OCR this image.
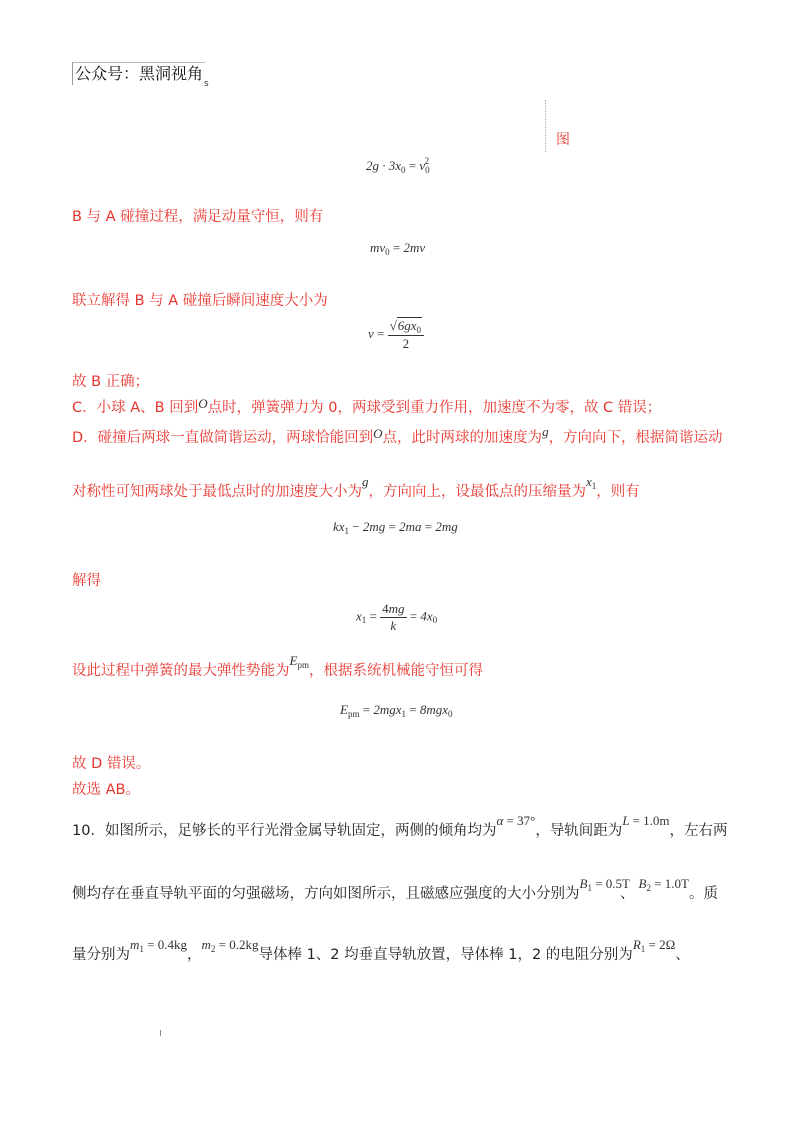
公众号：黑洞视角
s
图
$2g \cdot 3x_0 = v_0^2$
B 与 A 碰撞过程，满足动量守恒，则有
$mv_0 = 2mv$
联立解得 B 与 A 碰撞后瞬间速度大小为
$v = \frac{√6gx_0}{2}$
故 B 正确；
C．小球 A、B 回到O点时，弹簧弹力为 0，两球受到重力作用，加速度不为零，故 C 错误；
D．碰撞后两球一直做简谐运动，两球恰能回到O点，此时两球的加速度为g，方向向下，根据简谐运动
对称性可知两球处于最低点时的加速度大小为g，方向向上，设最低点的压缩量为$x_1$，则有
$kx_1 - 2mg = 2ma = 2mg$
解得
$x_1 = \frac{4mg}{k} = 4x_0$
设此过程中弹簧的最大弹性势能为$E_{pm}$，根据系统机械能守恒可得
$E_{pm} = 2mgx_1 = 8mgx_0$
故 D 错误。
故选 AB。
10．如图所示，足够长的平行光滑金属导轨固定，两侧的倾角均为α = 37°，导轨间距为L = 1.0m，左右两
侧均存在垂直导轨平面的匀强磁场，方向如图所示，且磁感应强度的大小分别为$B_1 = 0.5T$、$B_2 = 1.0T$。质
量分别为$m_1 = 0.4kg$，$m_2 = 0.2kg$导体棒 1、2 均垂直导轨放置，导体棒 1，2 的电阻分别为$R_1 = 2\Omega$、
